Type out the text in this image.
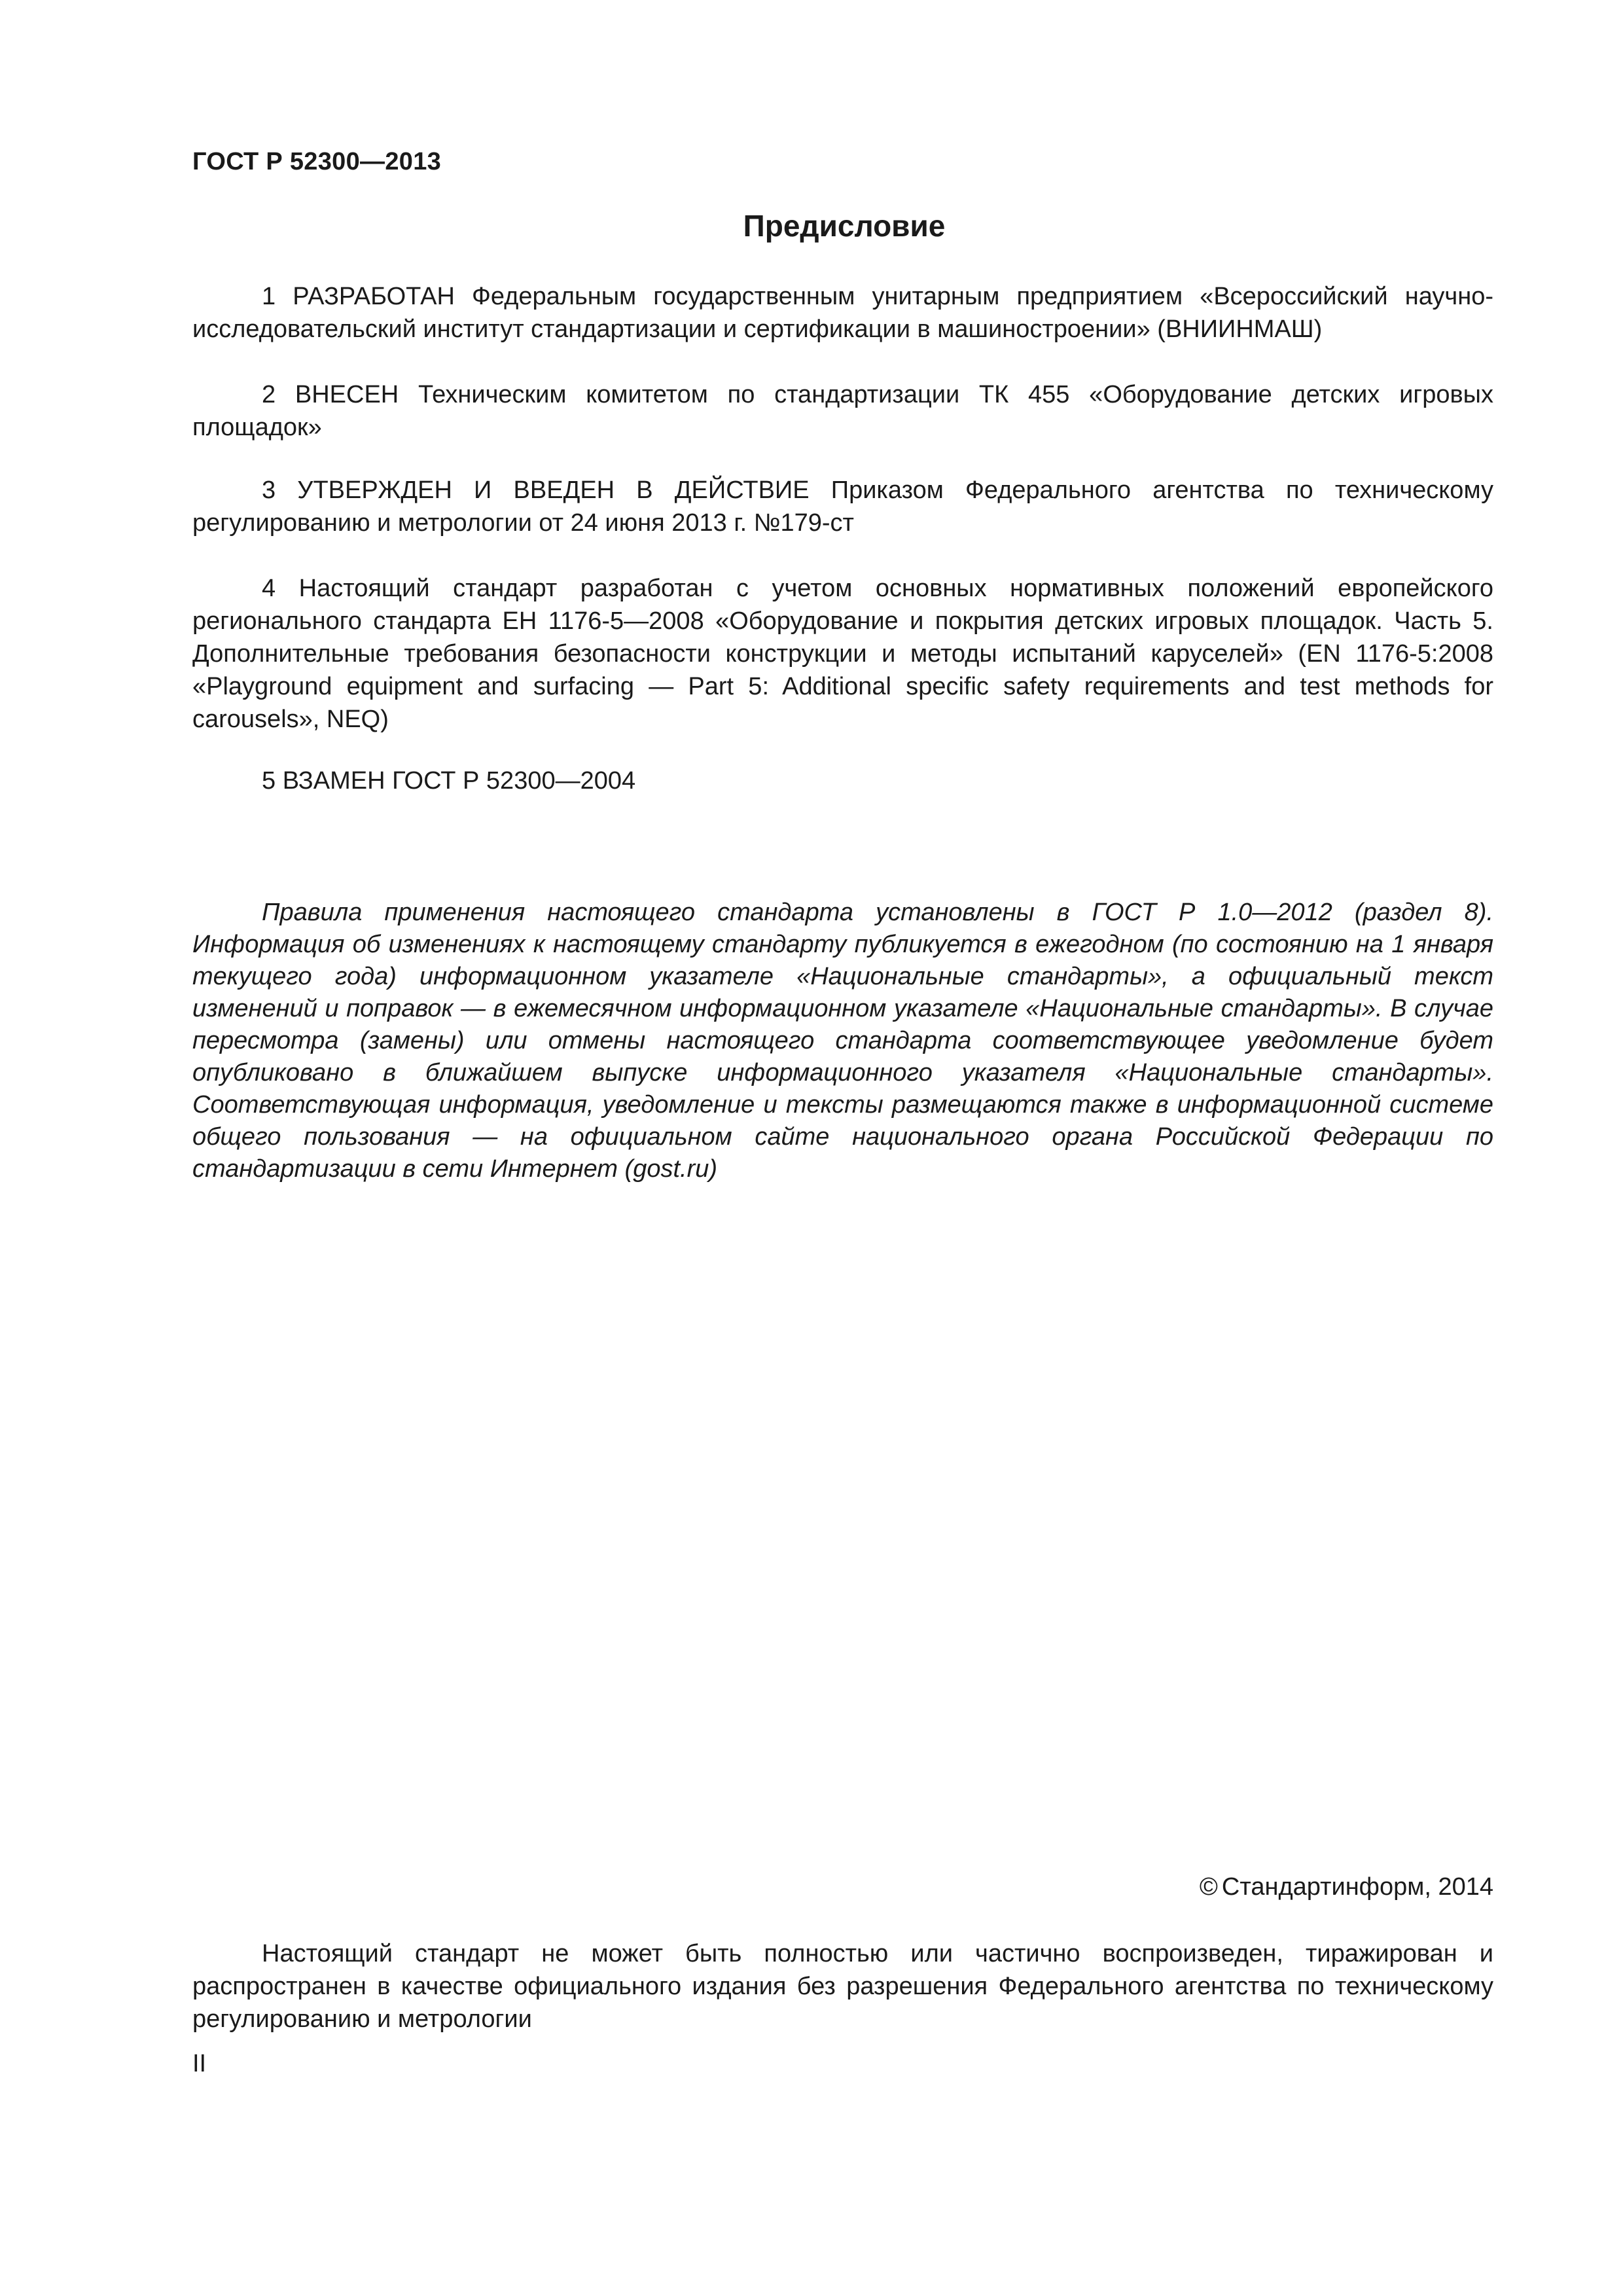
ГОСТ Р 52300—2013
Предисловие

1 РАЗРАБОТАН Федеральным государственным унитарным предприятием «Всероссийский научно-исследовательский институт стандартизации и сертификации в машиностроении» (ВНИИНМАШ)

2 ВНЕСЕН Техническим комитетом по стандартизации ТК 455 «Оборудование детских игровых площадок»

3 УТВЕРЖДЕН И ВВЕДЕН В ДЕЙСТВИЕ Приказом Федерального агентства по техническому регулированию и метрологии от 24 июня 2013 г. №179-ст

4 Настоящий стандарт разработан с учетом основных нормативных положений европейского регионального стандарта ЕН 1176-5—2008 «Оборудование и покрытия детских игровых площадок. Часть 5. Дополнительные требования безопасности конструкции и методы испытаний каруселей» (EN 1176-5:2008 «Playground equipment and surfacing — Part 5: Additional specific safety requirements and test methods for carousels», NEQ)

5 ВЗАМЕН ГОСТ Р 52300—2004

Правила применения настоящего стандарта установлены в ГОСТ Р 1.0—2012 (раздел 8). Информация об изменениях к настоящему стандарту публикуется в ежегодном (по состоянию на 1 января текущего года) информационном указателе «Национальные стандарты», а официальный текст изменений и поправок — в ежемесячном информационном указателе «Национальные стандарты». В случае пересмотра (замены) или отмены настоящего стандарта соответствующее уведомление будет опубликовано в ближайшем выпуске информационного указателя «Национальные стандарты». Соответствующая информация, уведомление и тексты размещаются также в информационной системе общего пользования — на официальном сайте национального органа Российской Федерации по стандартизации в сети Интернет (gost.ru)

© Стандартинформ, 2014

Настоящий стандарт не может быть полностью или частично воспроизведен, тиражирован и распространен в качестве официального издания без разрешения Федерального агентства по техническому регулированию и метрологии

II
